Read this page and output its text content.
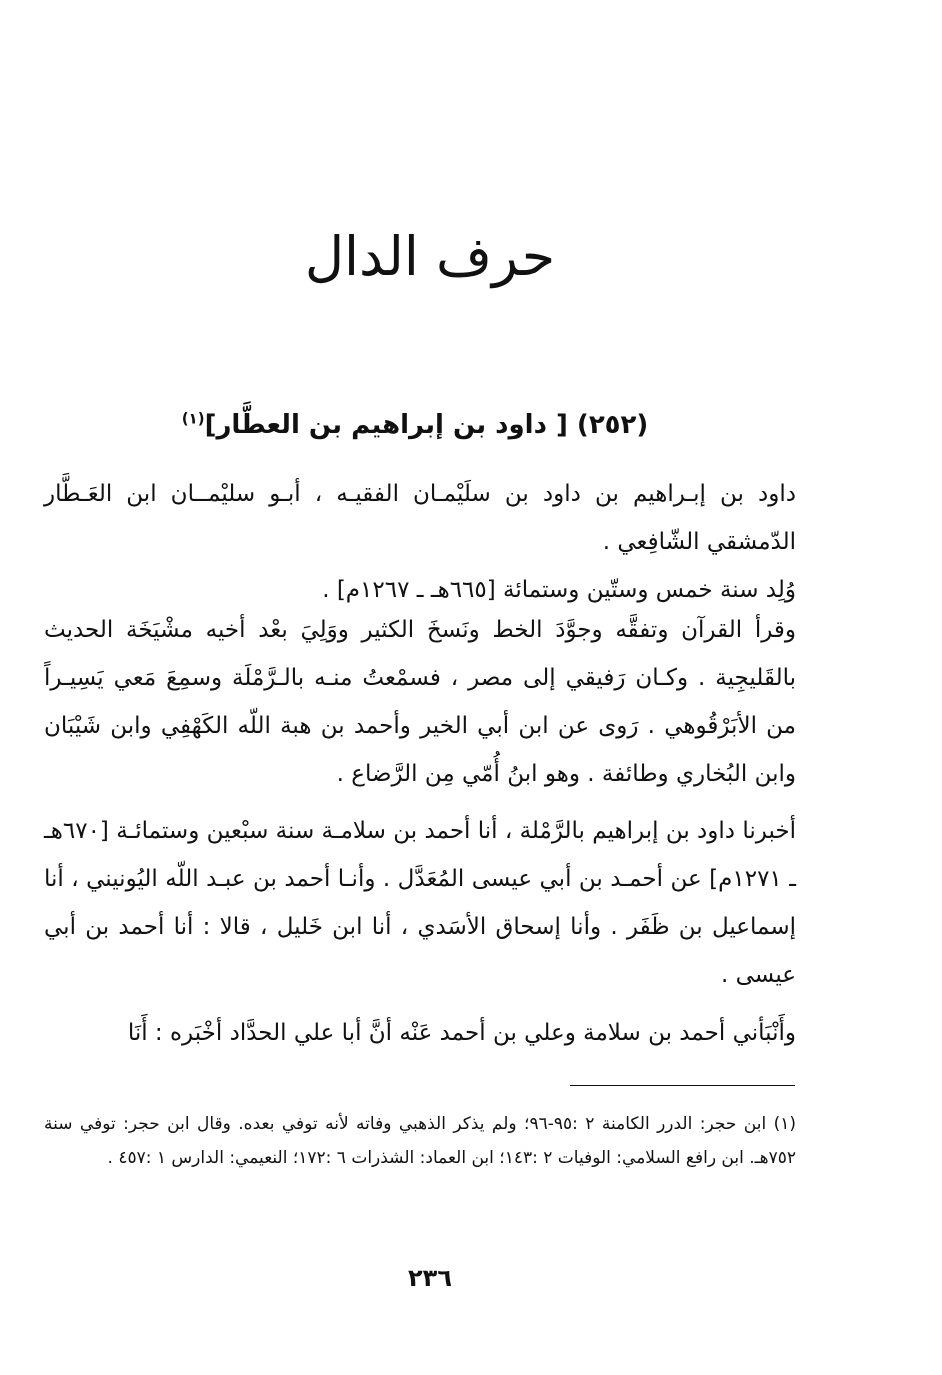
حرف الدال
(٢٥٢) [ داود بن إبراهيم بن العطَّار]$^{(١)}$
داود بن إبـراهيم بن داود بن سلَيْمـان الفقيـه ، أبـو سليْمــان ابن العَـطَّار الدّمشقي الشّافِعي .
وُلِد سنة خمس وستّين وستمائة [٦٦٥هـ ـ ١٢٦٧م] .
وقرأ القرآن وتفقَّه وجوَّدَ الخط ونَسخَ الكثير ووَلِيَ بعْد أخيه مشْيَخَة الحديث بالقَليجِية . وكـان رَفيقي إلى مصر ، فسمْعتُ منـه بالـرَّمْلَة وسمِعَ مَعي يَسِيـراً من الأبَرْقُوهي . رَوى عن ابن أبي الخير وأحمد بن هبة اللّه الكَهْفِي وابن شَيْبَان وابن البُخاري وطائفة . وهو ابنُ أُمّي مِن الرَّضاع .
أخبرنا داود بن إبراهيم بالرَّمْلة ، أنا أحمد بن سلامـة سنة سبْعين وستمائـة [٦٧٠هـ ـ ١٢٧١م] عن أحمـد بن أبي عيسى المُعَدَّل . وأنـا أحمد بن عبـد اللّه اليُونيني ، أنا إسماعيل بن ظَفَر . وأنا إسحاق الأسَدي ، أنا ابن خَليل ، قالا : أنا أحمد بن أبي عيسى .
وأَنْبَأني أحمد بن سلامة وعلي بن أحمد عَنْه أنَّ أبا علي الحدَّاد أخْبَره : أَنَا
(١) ابن حجر: الدرر الكامنة ٢ :٩٥-٩٦؛ ولم يذكر الذهبي وفاته لأنه توفي بعده. وقال ابن حجر: توفي سنة ٧٥٢هـ. ابن رافع السلامي: الوفيات ٢ :١٤٣؛ ابن العماد: الشذرات ٦ :١٧٢؛ النعيمي: الدارس ١ :٤٥٧ .
٢٣٦
